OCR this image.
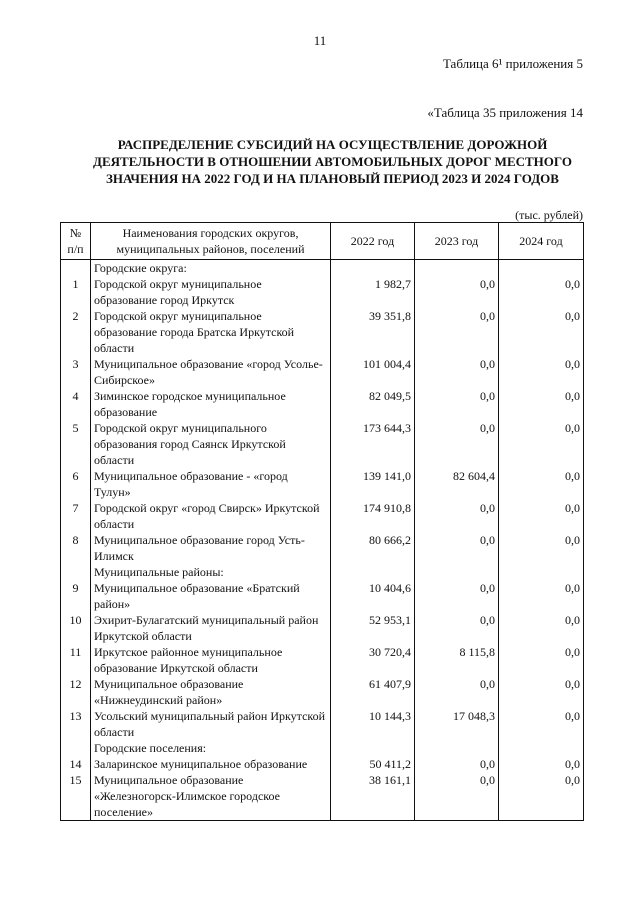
11
Таблица 6¹ приложения 5
«Таблица 35 приложения 14
РАСПРЕДЕЛЕНИЕ СУБСИДИЙ НА ОСУЩЕСТВЛЕНИЕ ДОРОЖНОЙ ДЕЯТЕЛЬНОСТИ В ОТНОШЕНИИ АВТОМОБИЛЬНЫХ ДОРОГ МЕСТНОГО ЗНАЧЕНИЯ НА 2022 ГОД И НА ПЛАНОВЫЙ ПЕРИОД 2023 И 2024 ГОДОВ
(тыс. рублей)
№ п/п	Наименования городских округов, муниципальных районов, поселений	2022 год	2023 год	2024 год
	Городские округа:			
1	Городской округ муниципальное образование город Иркутск	1 982,7	0,0	0,0
2	Городской округ муниципальное образование города Братска Иркутской области	39 351,8	0,0	0,0
3	Муниципальное образование «город Усолье-Сибирское»	101 004,4	0,0	0,0
4	Зиминское городское муниципальное образование	82 049,5	0,0	0,0
5	Городской округ муниципального образования город Саянск Иркутской области	173 644,3	0,0	0,0
6	Муниципальное образование - «город Тулун»	139 141,0	82 604,4	0,0
7	Городской округ «город Свирск» Иркутской области	174 910,8	0,0	0,0
8	Муниципальное образование город Усть-Илимск	80 666,2	0,0	0,0
	Муниципальные районы:			
9	Муниципальное образование «Братский район»	10 404,6	0,0	0,0
10	Эхирит-Булагатский муниципальный район Иркутской области	52 953,1	0,0	0,0
11	Иркутское районное муниципальное образование Иркутской области	30 720,4	8 115,8	0,0
12	Муниципальное образование «Нижнеудинский район»	61 407,9	0,0	0,0
13	Усольский муниципальный район Иркутской области	10 144,3	17 048,3	0,0
	Городские поселения:			
14	Заларинское муниципальное образование	50 411,2	0,0	0,0
15	Муниципальное образование «Железногорск-Илимское городское поселение»	38 161,1	0,0	0,0
